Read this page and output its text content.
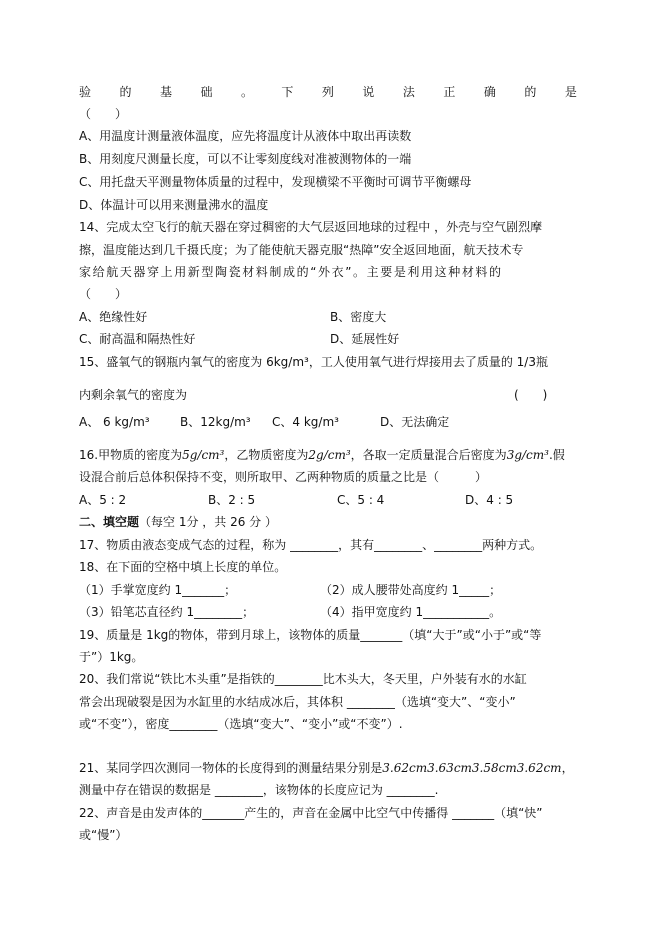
验 的 基 础 。 下 列 说 法 正 确 的 是
（　　）
A、用温度计测量液体温度，应先将温度计从液体中取出再读数
B、用刻度尺测量长度，可以不让零刻度线对准被测物体的一端
C、用托盘天平测量物体质量的过程中，发现横梁不平衡时可调节平衡螺母
D、体温计可以用来测量沸水的温度
14、完成太空飞行的航天器在穿过稠密的大气层返回地球的过程中 ，外壳与空气剧烈摩
擦，温度能达到几千摄氏度；为了能使航天器克服“热障”安全返回地面，航天技术专
家给航天器穿上用新型陶瓷材料制成的“外衣”。主要是利用这种材料的
（　　）
A、绝缘性好	B、密度大
C、耐高温和隔热性好	D、延展性好
15、盛氧气的钢瓶内氧气的密度为 6kg/m³，工人使用氧气进行焊接用去了质量的 1/3瓶
内剩余氧气的密度为	(　　)
A、 6 kg/m³	B、12kg/m³ C、4 kg/m³	D、无法确定
16.甲物质的密度为5g/cm³，乙物质密度为2g/cm³，各取一定质量混合后密度为3g/cm³.假
设混合前后总体积保持不变，则所取甲、乙两种物质的质量之比是（　　　）
A、5 : 2	B、2 : 5	C、5 : 4	D、4 : 5
二、填空题（每空 1分 ，共 26 分 ）
17、物质由液态变成气态的过程，称为 ________，其有________、________两种方式。
18、在下面的空格中填上长度的单位。
（1）手掌宽度约 1_______；	（2）成人腰带处高度约 1_____；
（3）铅笔芯直径约 1________；	（4）指甲宽度约 1___________。
19、质量是 1kg的物体，带到月球上，该物体的质量_______（填“大于”或“小于”或“等
于”）1kg。
20、我们常说“铁比木头重”是指铁的________比木头大，冬天里，户外装有水的水缸
常会出现破裂是因为水缸里的水结成冰后，其体积 ________（选填“变大”、“变小”
或“不变”），密度________（选填“变大”、“变小”或“不变”）.
21、某同学四次测同一物体的长度得到的测量结果分别是3.62cm3.63cm3.58cm3.62cm，
测量中存在错误的数据是 ________，该物体的长度应记为 ________.
22、声音是由发声体的_______产生的，声音在金属中比空气中传播得 _______（填“快”
或“慢”）
